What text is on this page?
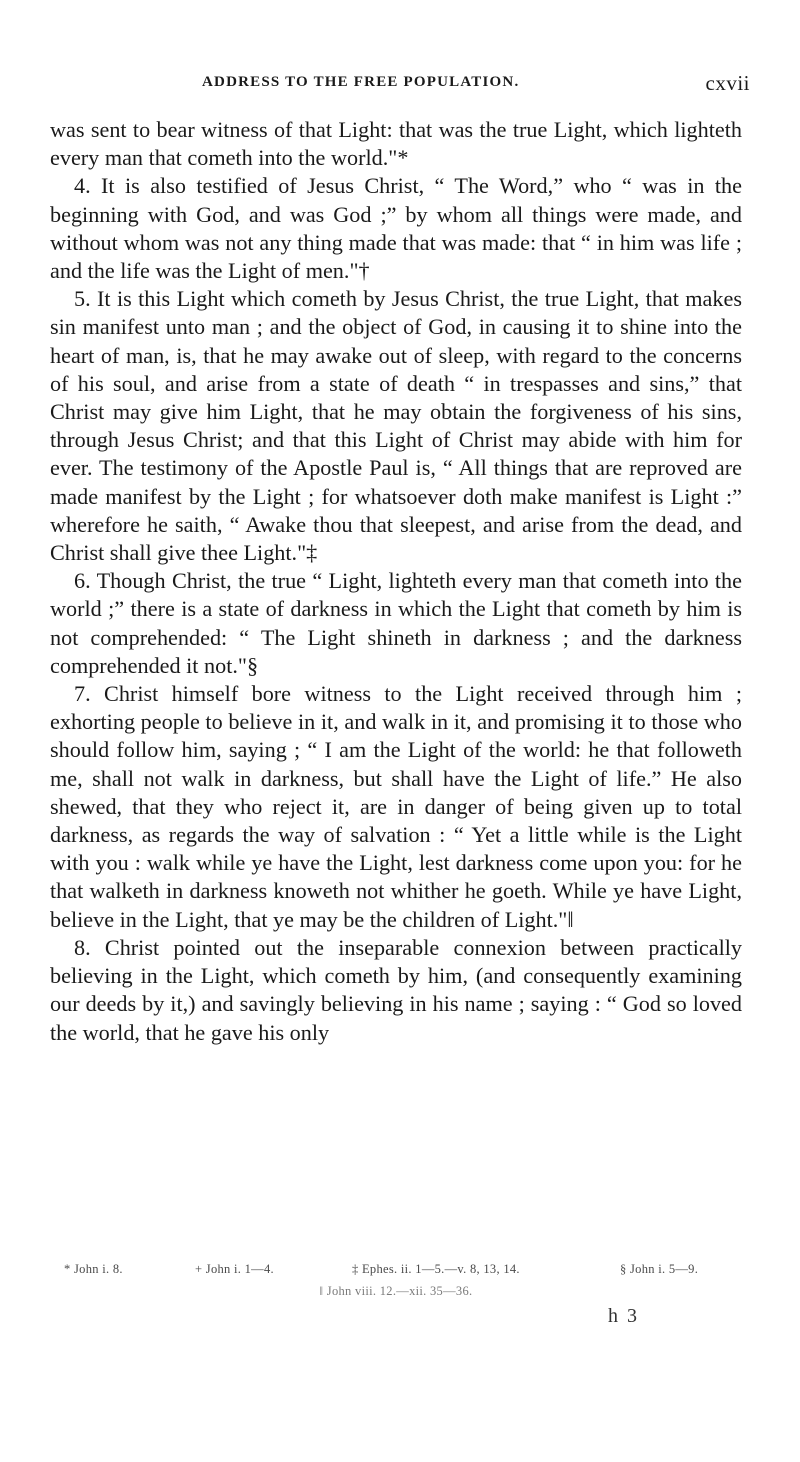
ADDRESS TO THE FREE POPULATION.	cxvii

was sent to bear witness of that Light: that was the true Light, which lighteth every man that cometh into the world."*

4. It is also testified of Jesus Christ, “ The Word,” who “ was in the beginning with God, and was God ;” by whom all things were made, and without whom was not any thing made that was made: that “ in him was life ; and the life was the Light of men."†

5. It is this Light which cometh by Jesus Christ, the true Light, that makes sin manifest unto man ; and the object of God, in causing it to shine into the heart of man, is, that he may awake out of sleep, with regard to the concerns of his soul, and arise from a state of death “ in trespasses and sins,” that Christ may give him Light, that he may obtain the forgiveness of his sins, through Jesus Christ; and that this Light of Christ may abide with him for ever. The testimony of the Apostle Paul is, “ All things that are reproved are made manifest by the Light ; for whatsoever doth make manifest is Light :” wherefore he saith, “ Awake thou that sleepest, and arise from the dead, and Christ shall give thee Light."‡

6. Though Christ, the true “ Light, lighteth every man that cometh into the world ;” there is a state of darkness in which the Light that cometh by him is not comprehended: “ The Light shineth in darkness ; and the darkness comprehended it not."§

7. Christ himself bore witness to the Light received through him ; exhorting people to believe in it, and walk in it, and promising it to those who should follow him, saying ; “ I am the Light of the world: he that followeth me, shall not walk in darkness, but shall have the Light of life.” He also shewed, that they who reject it, are in danger of being given up to total darkness, as regards the way of salvation : “ Yet a little while is the Light with you : walk while ye have the Light, lest darkness come upon you: for he that walketh in darkness knoweth not whither he goeth. While ye have Light, believe in the Light, that ye may be the children of Light."‖

8. Christ pointed out the inseparable connexion between practically believing in the Light, which cometh by him, (and consequently examining our deeds by it,) and savingly believing in his name ; saying : “ God so loved the world, that he gave his only

* John i. 8.	+ John i. 1—4.	‡ Ephes. ii. 1—5.—v. 8, 13, 14.	§ John i. 5—9.
‖ John viii. 12.—xii. 35—36.
h 3
